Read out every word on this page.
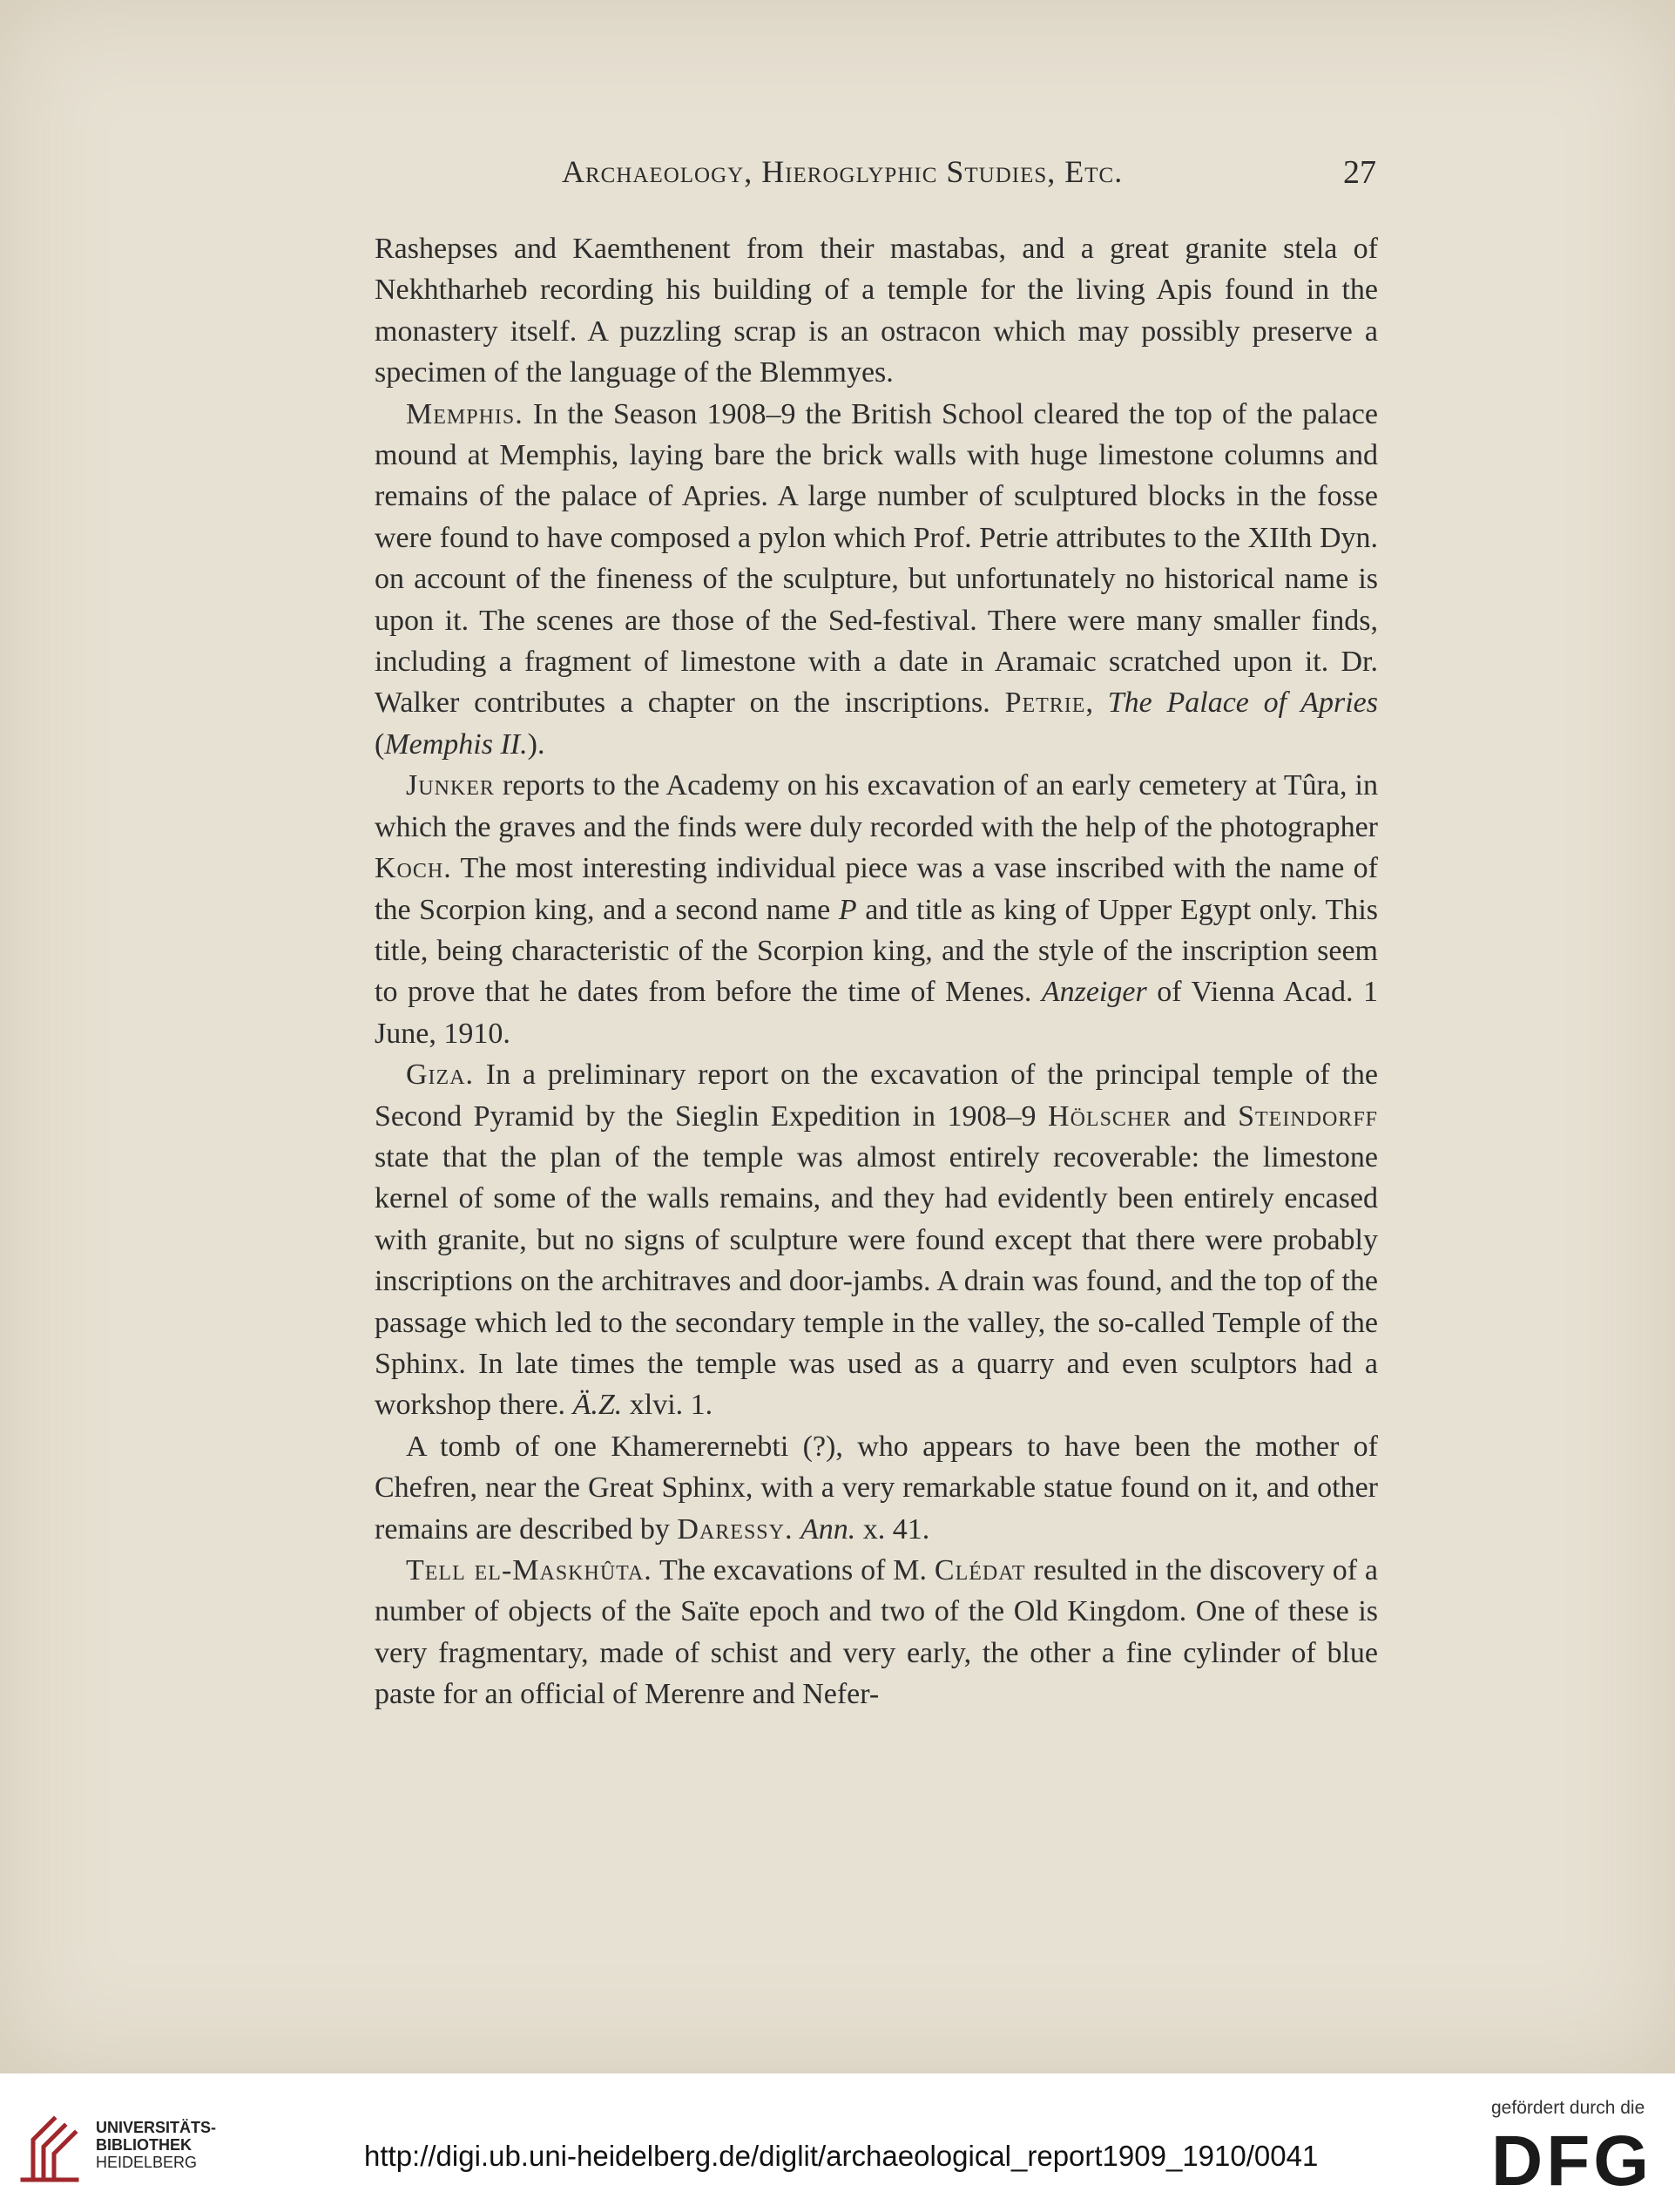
Archaeology, Hieroglyphic Studies, Etc.	27

Rashepses and Kaemthenent from their mastabas, and a great granite stela of Nekhtharheb recording his building of a temple for the living Apis found in the monastery itself. A puzzling scrap is an ostracon which may possibly preserve a specimen of the language of the Blemmyes.

Memphis. In the Season 1908–9 the British School cleared the top of the palace mound at Memphis, laying bare the brick walls with huge limestone columns and remains of the palace of Apries. A large number of sculptured blocks in the fosse were found to have composed a pylon which Prof. Petrie attributes to the XIIth Dyn. on account of the fineness of the sculpture, but unfortunately no historical name is upon it. The scenes are those of the Sed-festival. There were many smaller finds, including a fragment of limestone with a date in Aramaic scratched upon it. Dr. Walker contributes a chapter on the inscriptions. Petrie, The Palace of Apries (Memphis II.).

Junker reports to the Academy on his excavation of an early cemetery at Tûra, in which the graves and the finds were duly recorded with the help of the photographer Koch. The most interesting individual piece was a vase inscribed with the name of the Scorpion king, and a second name P and title as king of Upper Egypt only. This title, being characteristic of the Scorpion king, and the style of the inscription seem to prove that he dates from before the time of Menes. Anzeiger of Vienna Acad. 1 June, 1910.

Giza. In a preliminary report on the excavation of the principal temple of the Second Pyramid by the Sieglin Expedition in 1908–9 Hölscher and Steindorff state that the plan of the temple was almost entirely recoverable: the limestone kernel of some of the walls remains, and they had evidently been entirely encased with granite, but no signs of sculpture were found except that there were probably inscriptions on the architraves and door-jambs. A drain was found, and the top of the passage which led to the secondary temple in the valley, the so-called Temple of the Sphinx. In late times the temple was used as a quarry and even sculptors had a workshop there. Ä.Z. xlvi. 1.

A tomb of one Khamerernebti (?), who appears to have been the mother of Chefren, near the Great Sphinx, with a very remarkable statue found on it, and other remains are described by Daressy. Ann. x. 41.

Tell el-Maskhûta. The excavations of M. Clédat resulted in the discovery of a number of objects of the Saïte epoch and two of the Old Kingdom. One of these is very fragmentary, made of schist and very early, the other a fine cylinder of blue paste for an official of Merenre and Nefer-

UNIVERSITÄTS-
BIBLIOTHEK
HEIDELBERG	http://digi.ub.uni-heidelberg.de/diglit/archaeological_report1909_1910/0041
gefördert durch die
DFG
